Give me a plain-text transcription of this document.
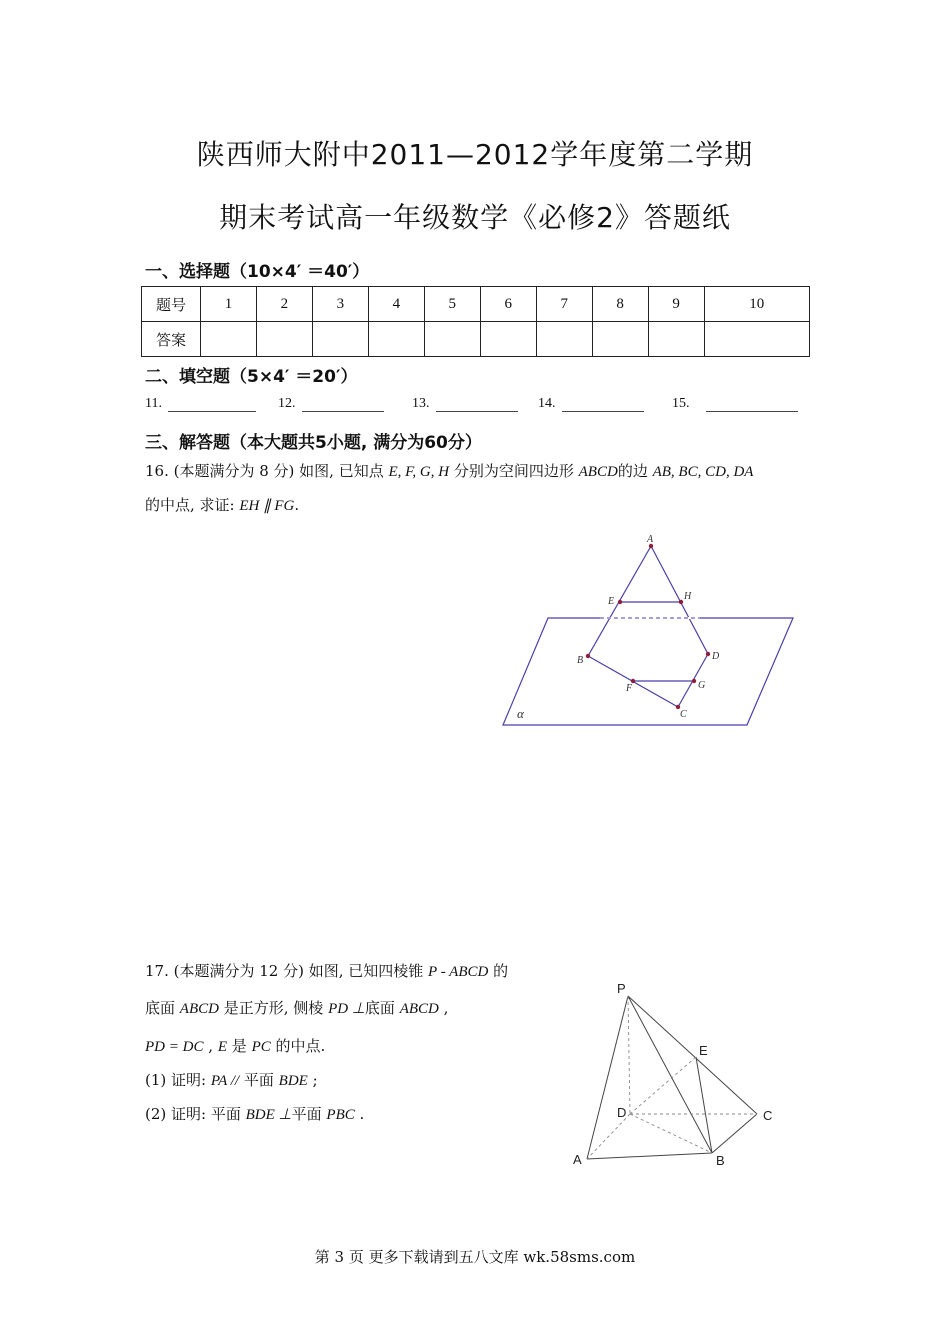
陕西师大附中2011—2012学年度第二学期
期末考试高一年级数学《必修2》答题纸
一、选择题（10×4′ ＝40′）
题号	1	2	3	4	5	6	7	8	9	10
答案										
二、填空题（5×4′ ＝20′）
11.	12.	13.	14.	15.
三、解答题（本大题共5小题, 满分为60分）
16. (本题满分为 8 分) 如图, 已知点 E, F, G, H 分别为空间四边形 ABCD的边 AB, BC, CD, DA
的中点, 求证: EH ∥ FG.
A
E	H
B	D
F	G
C
α
17. (本题满分为 12 分) 如图, 已知四棱锥 P - ABCD 的
底面 ABCD 是正方形, 侧棱 PD ⊥底面 ABCD ,
PD = DC , E 是 PC 的中点.
(1) 证明: PA // 平面 BDE ;
(2) 证明: 平面 BDE ⊥平面 PBC .
P
E
D	C
A	B
第 3 页 更多下载请到五八文库 wk.58sms.com
